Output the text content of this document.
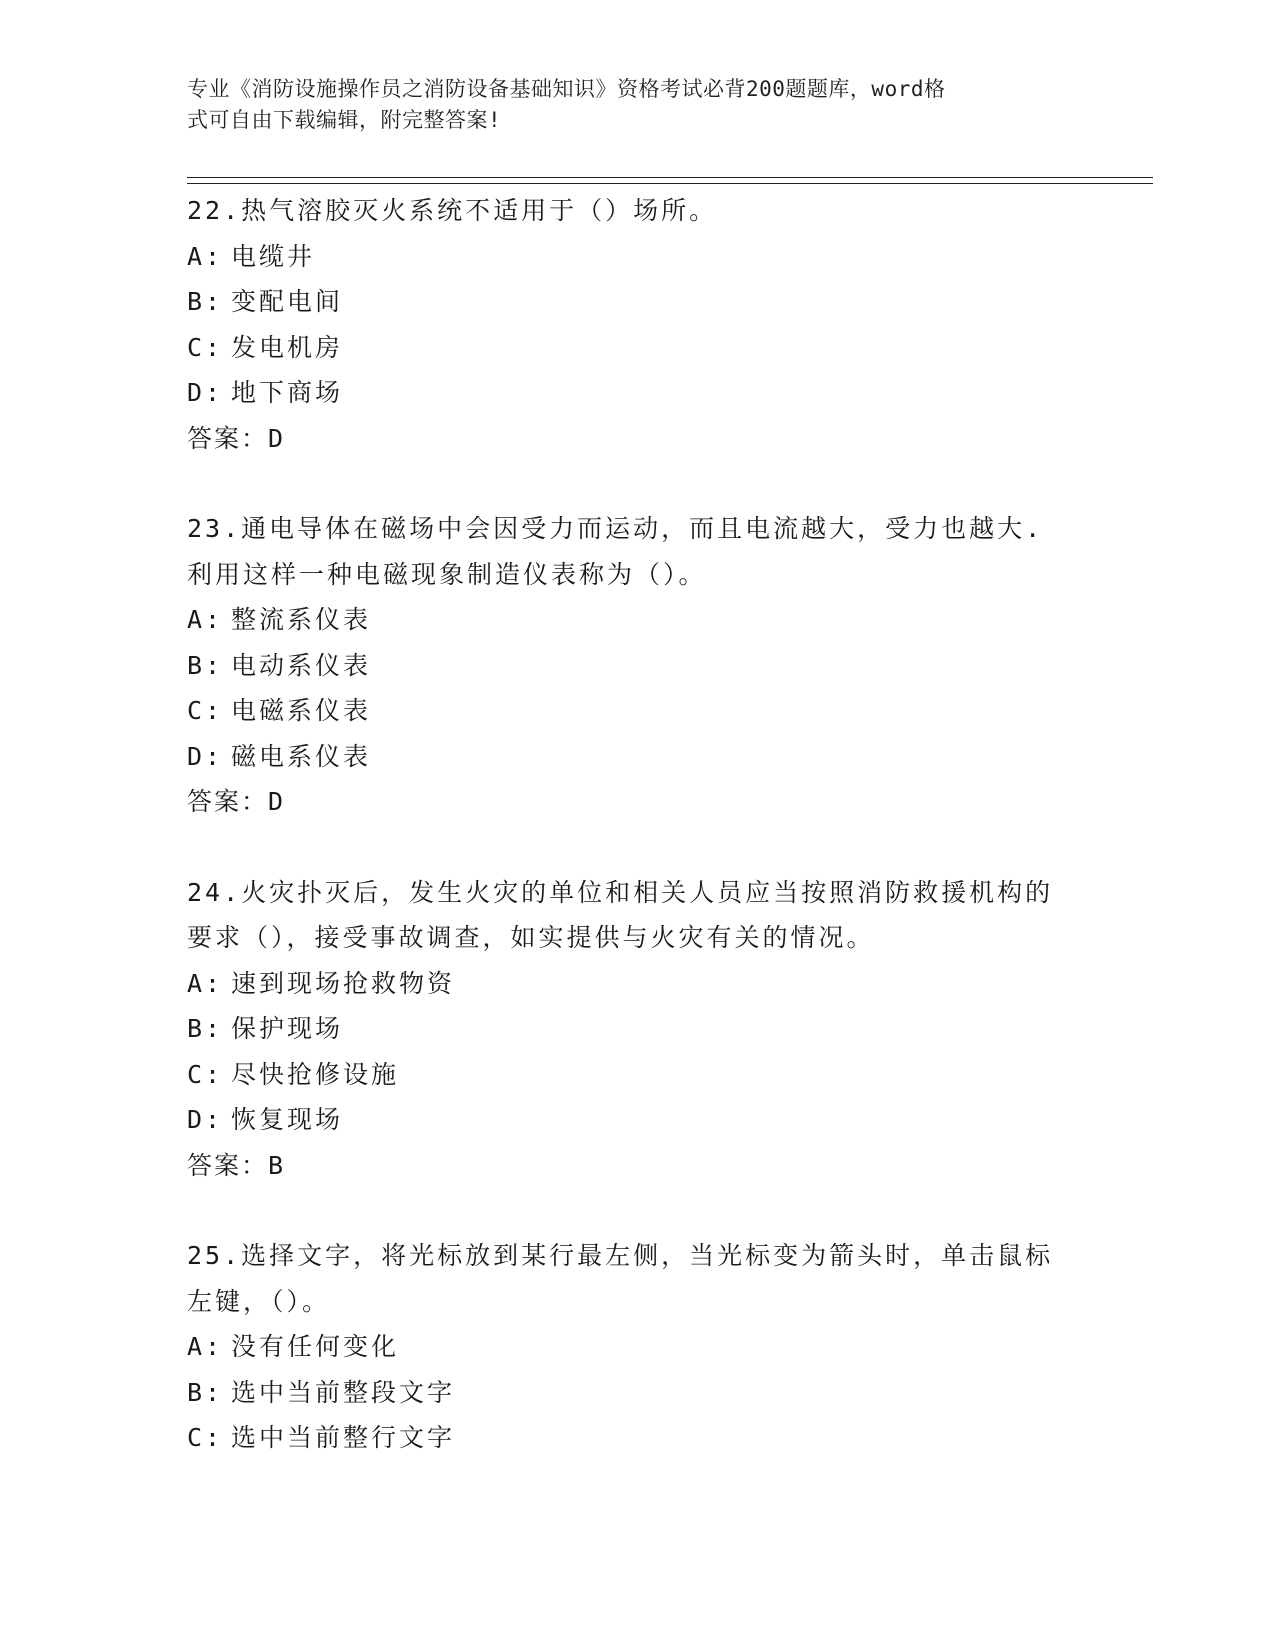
专业《消防设施操作员之消防设备基础知识》资格考试必背200题题库，word格
式可自由下载编辑，附完整答案!

22.热气溶胶灭火系统不适用于（）场所。

A: 电缆井

B: 变配电间

C: 发电机房

D: 地下商场

答案：D

23.通电导体在磁场中会因受力而运动，而且电流越大，受力也越大.

利用这样一种电磁现象制造仪表称为（）。

A: 整流系仪表

B: 电动系仪表

C: 电磁系仪表

D: 磁电系仪表

答案：D

24.火灾扑灭后，发生火灾的单位和相关人员应当按照消防救援机构的

要求（），接受事故调查，如实提供与火灾有关的情况。

A: 速到现场抢救物资

B: 保护现场

C: 尽快抢修设施

D: 恢复现场

答案：B

25.选择文字，将光标放到某行最左侧，当光标变为箭头时，单击鼠标

左键，（）。

A: 没有任何变化

B: 选中当前整段文字

C: 选中当前整行文字
